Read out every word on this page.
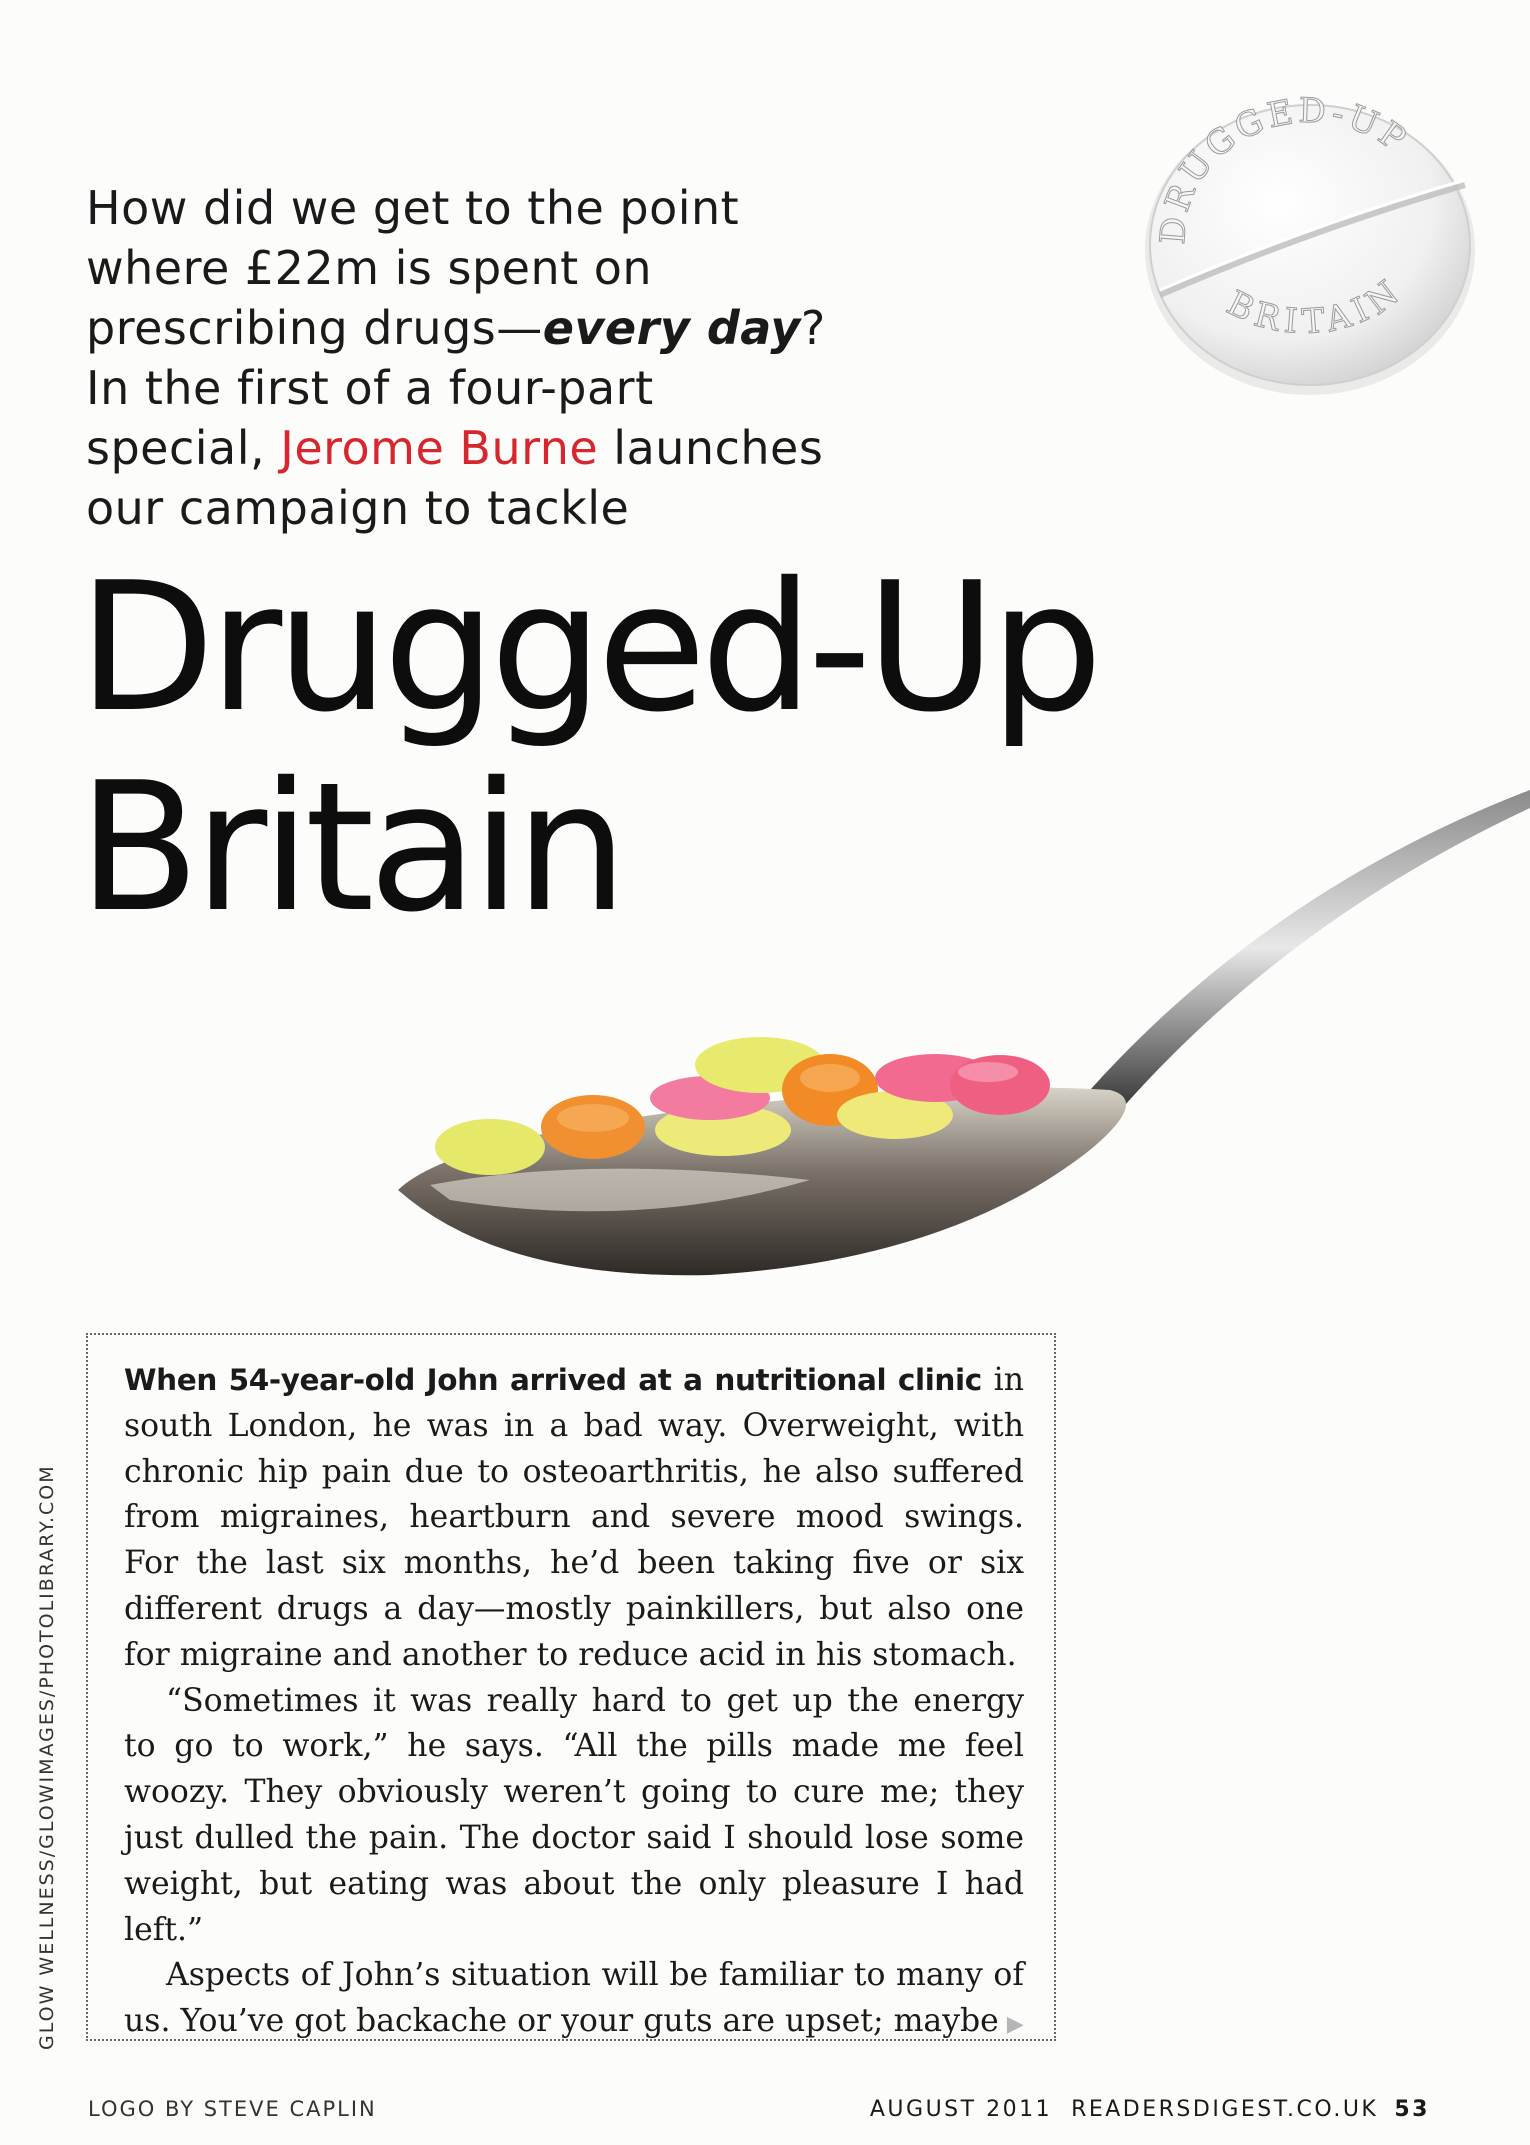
How did we get to the point
where £22m is spent on
prescribing drugs—every day?
In the first of a four-part
special, Jerome Burne launches
our campaign to tackle
DRUGGED-UP
BRITAIN
Drugged-Up
Britain
GLOW WELLNESS/GLOWIMAGES/PHOTOLIBRARY.COM

When 54-year-old John arrived at a nutritional clinic in south London, he was in a bad way. Overweight, with chronic hip pain due to osteoarthritis, he also suffered from migraines, heartburn and severe mood swings. For the last six months, he’d been taking five or six different drugs a day—mostly painkillers, but also one for migraine and another to reduce acid in his stomach.

“Sometimes it was really hard to get up the energy to go to work,” he says. “All the pills made me feel woozy. They obviously weren’t going to cure me; they just dulled the pain. The doctor said I should lose some weight, but eating was about the only pleasure I had left.”

Aspects of John’s situation will be familiar to many of us. You’ve got backache or your guts are upset; maybe ▶

LOGO BY STEVE CAPLIN	AUGUST 2011 READERSDIGEST.CO.UK 53
